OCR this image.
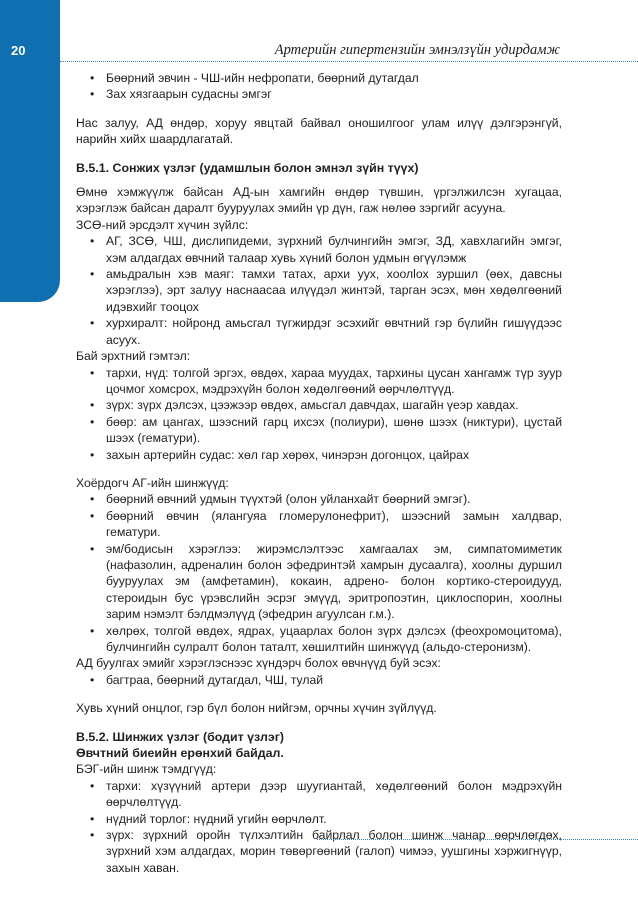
20	Артерийн гипертензийн эмнэлзүйн удирдамж
• Бөөрний эвчин - ЧШ-ийн нефропати, бөөрний дутагдал
• Зах хязгаарын судасны эмгэг

Нас залуу, АД өндөр, хоруу явцтай байвал оношилгоог улам илүү дэлгэрэнгүй, нарийн хийх шаардлагатай.

В.5.1. Сонжих үзлэг (удамшлын болон эмнэл зүйн түүх)

Өмнө хэмжүүлж байсан АД-ын хамгийн өндөр түвшин, үргэлжилсэн хугацаа, хэрэглэж байсан даралт бууруулах эмийн үр дүн, гаж нөлөө зэргийг асуунa.

ЗСӨ-ний эрсдэлт хүчин зүйлс:

• АГ, ЗСӨ, ЧШ, дислипидеми, зүрхний булчингийн эмгэг, ЗД, хавхлагийн эмгэг, хэм алдагдах өвчний талаар хувь хүний болон удмын өгүүлэмж
• амьдралын хэв маяг: тамхи татах, архи уух, хоолloх зуршил (өөх, давсны хэрэглээ), эрт залуу наснаасаа илүүдэл жинтэй, тарган эсэх, мөн хөдөлгөөний идэвхийг тооцох
• хурхиралт: нойронд амьсгал түгжирдэг эсэхийг өвчтний гэр бүлийн гишүүдээс асуух.

Бай эрхтний гэмтэл:

• тархи, нүд: толгой эргэх, өвдөх, хараа муудах, тархины цусан хангамж түр зуур цочмог хомсрох, мэдрэхүйн болон хөдөлгөөний өөрчлөлтүүд.
• зүрх: зүрх дэлсэх, цээжээр өвдөх, амьсгал давчдах, шагайн үеэр хавдах.
• бөөр: ам цангах, шээсний гарц ихсэх (полиури), шөнө шээх (никтури), цустай шээх (гематури).
• захын артерийн судас: хөл гар хөрөх, чинэрэн догонцох, цайрах

Хоёрдогч АГ-ийн шинжүүд:

• бөөрний өвчний удмын түүхтэй (олон уйланхайт бөөрний эмгэг).
• бөөрний өвчин (ялангуяа гломерулонефрит), шээсний замын халдвар, гематури.
• эм/бодисын хэрэглээ: жирэмслэлтээс хамгаалах эм, симпатомиметик (нафазолин, адреналин болон эфедринтэй хамрын дусаалга), хоолны дуршил бууруулах эм (амфетамин), кокаин, адрено- болон кортико-стероидууд, стероидын бус үрэвслийн эсрэг эмүүд, эритропоэтин, циклоспорин, хоолны зарим нэмэлт бэлдмэлүүд (эфедрин агуулсан г.м.).
• хөлрөх, толгой өвдөх, ядрах, уцаарлах болон зүрх дэлсэх (феохромоцитома), булчингийн сулралт болон таталт, хөшилтийн шинжүүд (альдо-стеронизм).

АД буулгах эмийг хэрэглэснээс хүндэрч болох өвчнүүд буй эсэх:

• багтраа, бөөрний дутагдал, ЧШ, тулай

Хувь хүний онцлог, гэр бүл болон нийгэм, орчны хүчин зүйлүүд.

В.5.2. Шинжих үзлэг (бодит үзлэг)
Өвчтний биеийн ерөнхий байдал.

БЭГ-ийн шинж тэмдгүүд:

• тархи: хүзүүний артери дээр шуугиантай, хөдөлгөөний болон мэдрэхүйн өөрчлөлтүүд.
• нүдний торлог: нүдний угийн өөрчлөлт.
• зүрх: зүрхний оройн түлхэлтийн байрлал болон шинж чанар өөрчлөгдөх, зүрхний хэм алдагдах, морин төвөргөөний (галоп) чимээ, уушгины хэржигнүүр, захын хаван.
